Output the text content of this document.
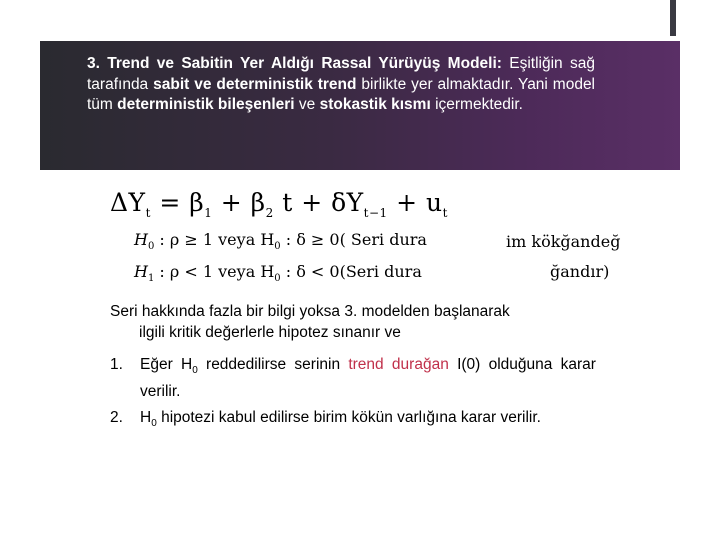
3. Trend ve Sabitin Yer Aldığı Rassal Yürüyüş Modeli: Eşitliğin sağ tarafında sabit ve deterministik trend birlikte yer almaktadır. Yani model tüm deterministik bileşenleri ve stokastik kısmı içermektedir.
$\Delta Y_t = \beta_1 + \beta_2$ $t + \delta Y_{t-1} + u_t$
$H_0$ : ρ ≥ 1 veya $H_0$ : δ ≥ 0( Seri dura
$H_1$ : ρ < 1 veya $H_0$ : δ < 0(Seri dura
im kökğandeğ
ğandır)
Seri hakkında fazla bir bilgi yoksa 3. modelden başlanarak
ilgili kritik değerlerle hipotez sınanır ve
1. Eğer $H_0$ reddedilirse serinin trend durağan I(0) olduğuna karar verilir.
2. $H_0$ hipotezi kabul edilirse birim kökün varlığına karar verilir.
